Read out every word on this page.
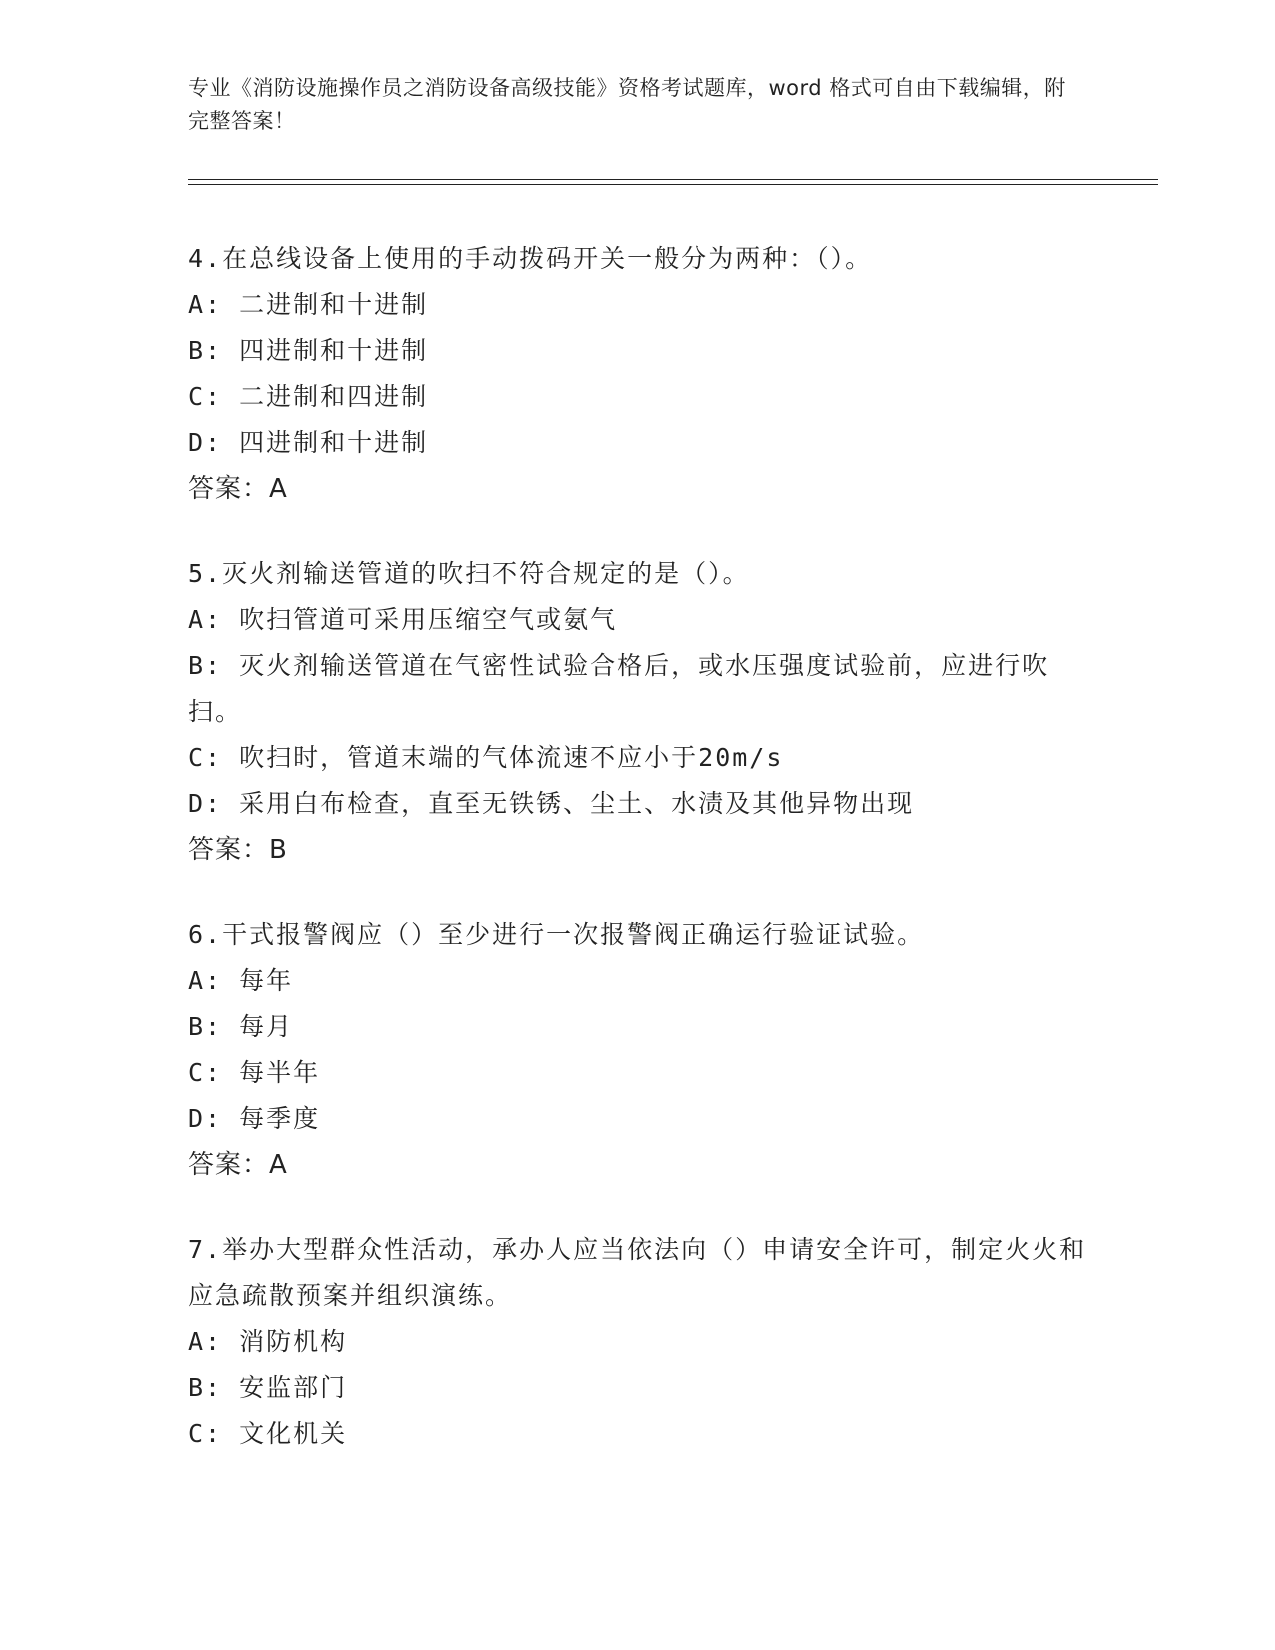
专业《消防设施操作员之消防设备高级技能》资格考试题库，word 格式可自由下载编辑，附完整答案！
4.在总线设备上使用的手动拨码开关一般分为两种：（）。
A: 二进制和十进制
B: 四进制和十进制
C: 二进制和四进制
D: 四进制和十进制
答案：A
5.灭火剂输送管道的吹扫不符合规定的是（）。
A: 吹扫管道可采用压缩空气或氨气
B: 灭火剂输送管道在气密性试验合格后，或水压强度试验前，应进行吹扫。
C: 吹扫时，管道末端的气体流速不应小于20m/s
D: 采用白布检查，直至无铁锈、尘土、水渍及其他异物出现
答案：B
6.干式报警阀应（）至少进行一次报警阀正确运行验证试验。
A: 每年
B: 每月
C: 每半年
D: 每季度
答案：A
7.举办大型群众性活动，承办人应当依法向（）申请安全许可，制定火火和应急疏散预案并组织演练。
A: 消防机构
B: 安监部门
C: 文化机关
